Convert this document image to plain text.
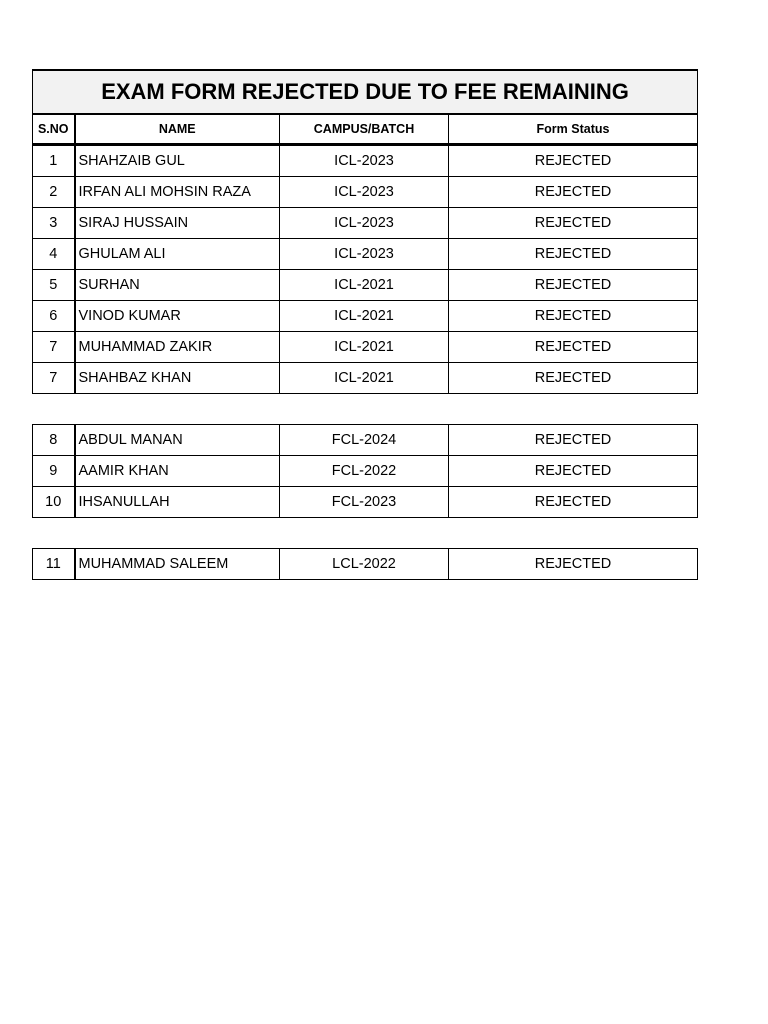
EXAM FORM REJECTED DUE TO FEE REMAINING
S.NO	NAME	CAMPUS/BATCH	Form Status
1	SHAHZAIB GUL	ICL-2023	REJECTED
2	IRFAN ALI MOHSIN RAZA	ICL-2023	REJECTED
3	SIRAJ HUSSAIN	ICL-2023	REJECTED
4	GHULAM ALI	ICL-2023	REJECTED
5	SURHAN	ICL-2021	REJECTED
6	VINOD KUMAR	ICL-2021	REJECTED
7	MUHAMMAD ZAKIR	ICL-2021	REJECTED
7	SHAHBAZ KHAN	ICL-2021	REJECTED
8	ABDUL MANAN	FCL-2024	REJECTED
9	AAMIR KHAN	FCL-2022	REJECTED
10	IHSANULLAH	FCL-2023	REJECTED
11	MUHAMMAD SALEEM	LCL-2022	REJECTED
